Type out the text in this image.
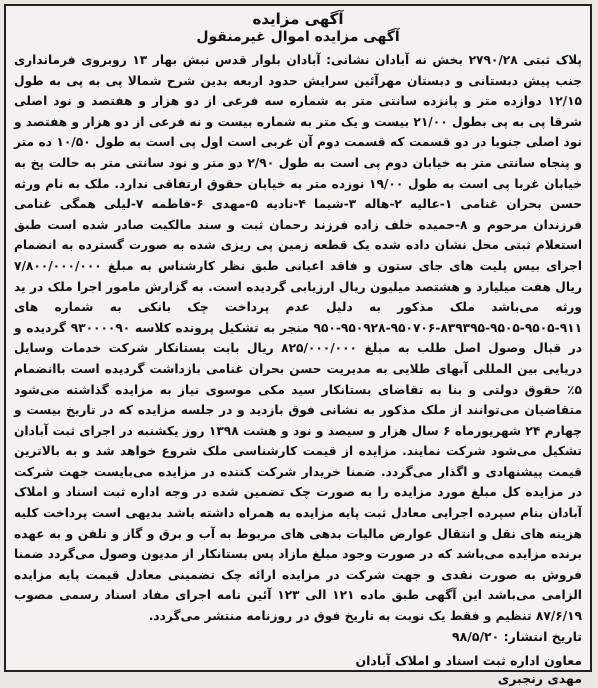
آگهی مزایده
آگهی مزایده اموال غیرمنقول

پلاک ثبتی ۲۷۹۰/۲۸ بخش نه آبادان نشانی: آبادان بلوار قدس نبش بهار ۱۳ روبروی فرمانداری جنب پیش دبستانی و دبستان مهرآئین سرایش حدود اربعه بدین شرح شمالا پی به پی به طول ۱۲/۱۵ دوازده متر و پانزده سانتی متر به شماره سه فرعی از دو هزار و هفتصد و نود اصلی شرقا پی به پی بطول ۲۱/۰۰ بیست و یک متر به شماره بیست و نه فرعی از دو هزار و هفتصد و نود اصلی جنوبا در دو قسمت که قسمت دوم آن غربی است اول پی است به طول ۱۰/۵۰ ده متر و پنجاه سانتی متر به خیابان دوم پی است به طول ۲/۹۰ دو متر و نود سانتی متر به حالت پخ به خیابان غربا پی است به طول ۱۹/۰۰ نوزده متر به خیابان حقوق ارتفاقی ندارد. ملک به نام ورثه حسن بحران غنامی ۱-عالیه ۲-هاله ۳-شیما ۴-نادیه ۵-مهدی ۶-فاطمه ۷-لیلی همگی غنامی فرزندان مرحوم و ۸-حمیده خلف زاده فرزند رحمان ثبت و سند مالکیت صادر شده است طبق استعلام ثبتی محل نشان داده شده یک قطعه زمین پی ریزی شده به صورت گسترده به انضمام اجرای بیس پلیت های جای ستون و فاقد اعیانی طبق نظر کارشناس به مبلغ ۷/۸۰۰/۰۰۰/۰۰۰ ریال هفت میلیارد و هشتصد میلیون ریال ارزیابی گردیده است. به گزارش مامور اجرا ملک در ید ورثه می‌باشد ملک مذکور به دلیل عدم پرداخت چک بانکی به شماره های ۹۱۱-۹۵۰۵-۹۵۰۵-۸۳۹۳۹۵-۹۵۰۷۰۶-۹۵۰۹۲۸-۹۵۰ منجر به تشکیل پرونده کلاسه ۹۳۰۰۰۰۹۰ گردیده و در قبال وصول اصل طلب به مبلغ ۸۲۵/۰۰۰/۰۰۰ ریال بابت بستانکار شرکت خدمات وسایل دریایی بین المللی آبهای طلایی به مدیریت حسن بحران غنامی بازداشت گردیده است باانضمام ۵٪ حقوق دولتی و بنا به تقاضای بستانکار سید مکی موسوی نیاز به مزایده گذاشته می‌شود متقاضیان می‌توانند از ملک مذکور به نشانی فوق بازدید و در جلسه مزایده که در تاریخ بیست و چهارم ۲۴ شهریورماه ۶ سال هزار و سیصد و نود و هشت ۱۳۹۸ روز یکشنبه در اجرای ثبت آبادان تشکیل می‌شود شرکت نمایند. مزایده از قیمت کارشناسی ملک شروع خواهد شد و به بالاترین قیمت پیشنهادی و اگذار می‌گردد. ضمنا خریدار شرکت کننده در مزایده می‌بایست جهت شرکت در مزایده کل مبلغ مورد مزایده را به صورت چک تضمین شده در وجه اداره ثبت اسناد و املاک آبادان بنام سپرده اجرایی معادل ثبت پایه مزایده به همراه داشته باشد بدیهی است پرداخت کلیه هزینه های نقل و انتقال عوارض مالیات بدهی های مربوط به آب و برق و گاز و تلفن و به عهده برنده مزایده می‌باشد که در صورت وجود مبلغ مازاد پس بستانکار از مدیون وصول می‌گردد ضمنا فروش به صورت نقدی و جهت شرکت در مزایده ارائه چک تضمینی معادل قیمت پایه مزایده الزامی می‌باشد این آگهی طبق ماده ۱۲۱ الی ۱۲۳ آئین نامه اجرای مفاد اسناد رسمی مصوب ۸۷/۶/۱۹ تنظیم و فقط یک نوبت به تاریخ فوق در روزنامه منتشر می‌گردد.

تاریخ انتشار: ۹۸/۵/۲۰
معاون اداره ثبت اسناد و املاک آبادان
مهدی رنجبری
